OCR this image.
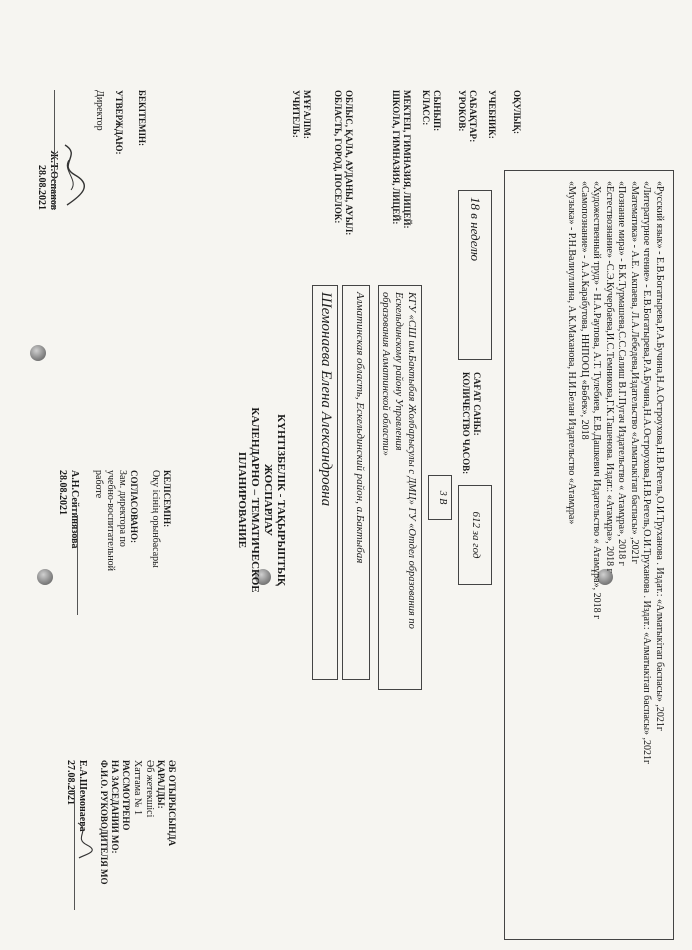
БЕКІТЕМІН:
УТВЕРЖДАЮ:
Директор
Ж.Т.Оспанов
28.08.2021
КЕЛІСЕМІН:
Оқу ісінің орынбасары
СОГЛАСОВАНО:
Зам. директора по
учебно-воспитательной
работе
А.Н.Сейтинязова
28.08.2021
ӘБ ОТЫРЫСЫНДА
ҚАРАЛДЫ:
Әб жетекшісі
Хаттама № 1
РАССМОТРЕНО
НА ЗАСЕДАНИИ МО:
Ф.И.О. РУКОВОДИТЕЛЯ МО
Е.А.Шемонаева
27.08.2021
КҮНТІЗБЕЛІК - ТАҚЫРЫПТЫҚ
ЖОСПАРЛАУ
КАЛЕНДАРНО – ТЕМАТИЧЕСКОЕ
ПЛАНИРОВАНИЕ
МҰҒАЛІМ:
УЧИТЕЛЬ:
Шемонаева Елена Александровна
ОБЛЫС, ҚАЛА, АУДАНЫ, АУЫЛ:
ОБЛАСТЬ, ГОРОД, ПОСЕЛОК:
Алматинская область, Ескельдинский район, а.Бактыбая
МЕКТЕП, ГИМНАЗИЯ, ЛИЦЕЙ:
ШКОЛА, ГИМНАЗИЯ, ЛИЦЕЙ:
КГУ «СШ им.Бактыбая Жолбарысулы с ДМЦ» ГУ «Отдел образования по Ескельдинскому району Управления
образования Алматинской области»
СЫНЫП:
КЛАСС:
3 В
САБАҚТАР:
УРОКОВ:
18 в неделю
САҒАТ САНЫ:
КОЛИЧЕСТВО ЧАСОВ:
612 за год
ОҚУЛЫҚ:
УЧЕБНИК:
«Русский язык» - Е.В.Богатырева,Р.А.Бучина,Н.А.Остроухова,Н.В.Регель,О.И.Труханова . Издат.: «Алматыкітап баспасы» ,2021г
«Литературное чтение» - Е.В.Богатырева,Р.А.Бучина,Н.А.Остроухова,Н.В.Регель,О.И.Труханова . Издат.: «Алматыкітап баспасы» ,2021г
«Математика» - А.Е. Акпаева, Л.А.Лебедева,Издательство «Алматыкітап баспасы» ,2021г
«Познание мира» - Б.К.Турмашева,С.С.Салиш В.Г.Пугач Издательство « Атамұра», 2018 г
«Естествознание» -С.Э.Кучербаева,И.С.Темникова,Г.К.Ташенова. Издат.: «Атамұра», 2018 г
«Художественный труд» - Н.А.Раупова, А.Т. Тулебиев, Е.В.Дашкевич Издательство « Атамұра», 2018 г
«Самопознание» - А.А.Карабутова, ННПООЦ «Бөбек», 2018
«Музыка» - Р.Н.Валиуллина, А.К.Маханова, Н.И.Белан Издательство «Атамұра»
